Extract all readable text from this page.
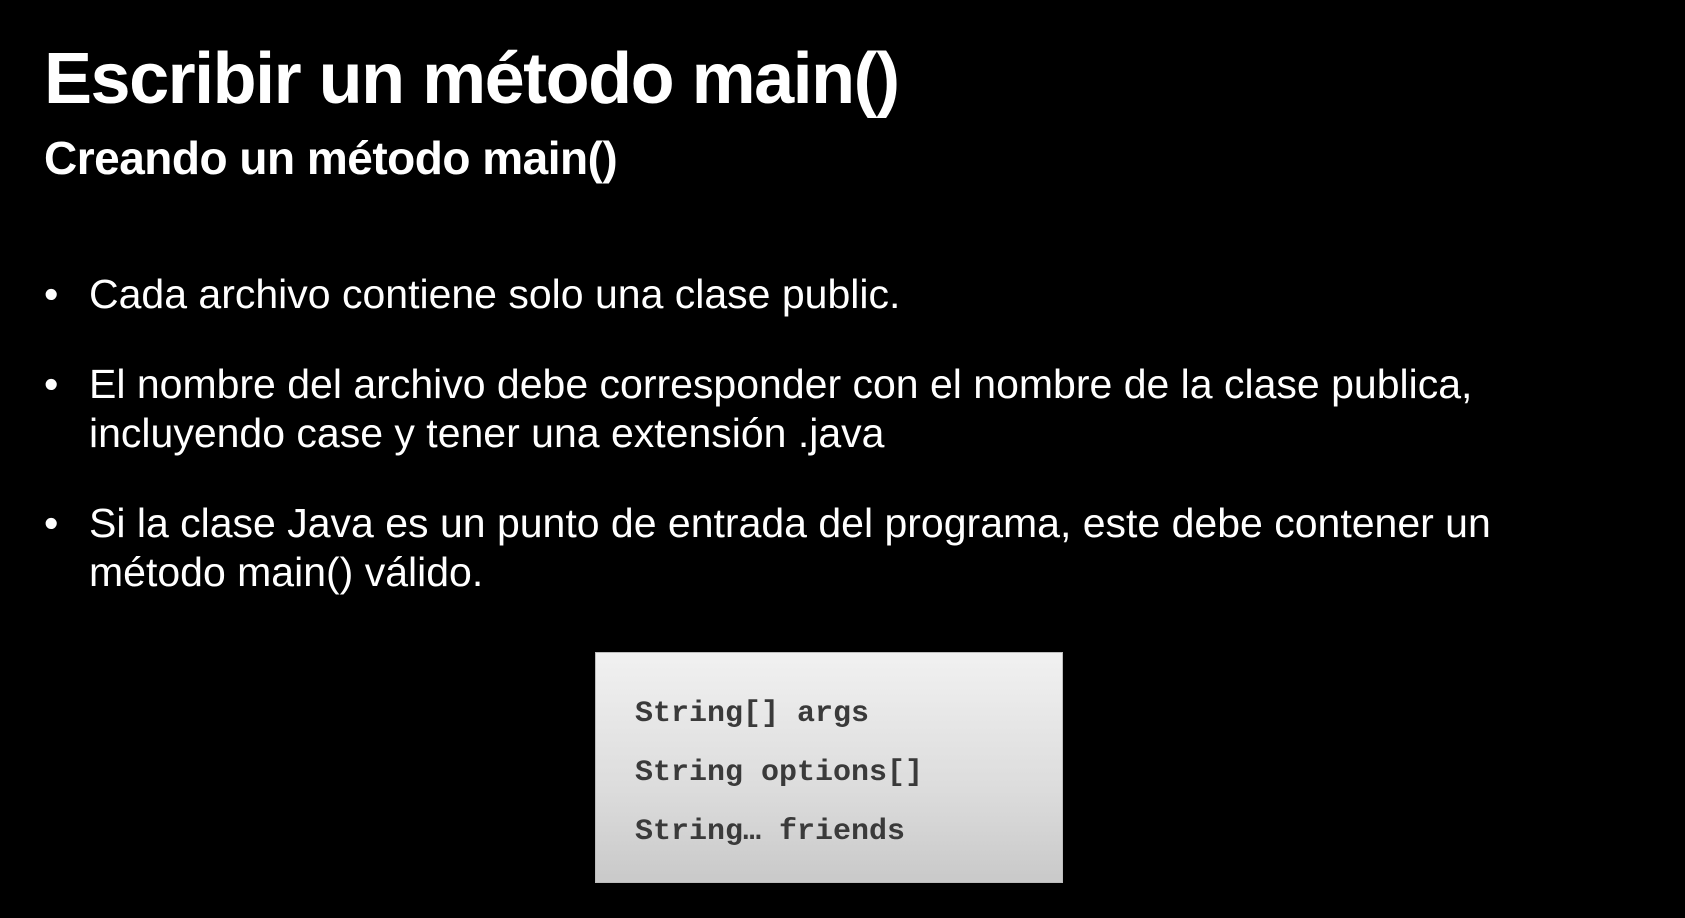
Escribir un método main()
Creando un método main()
• Cada archivo contiene solo una clase public.
• El nombre del archivo debe corresponder con el nombre de la clase publica,
incluyendo case y tener una extensión .java
• Si la clase Java es un punto de entrada del programa, este debe contener un
método main() válido.
String[] args
String options[]
String… friends
